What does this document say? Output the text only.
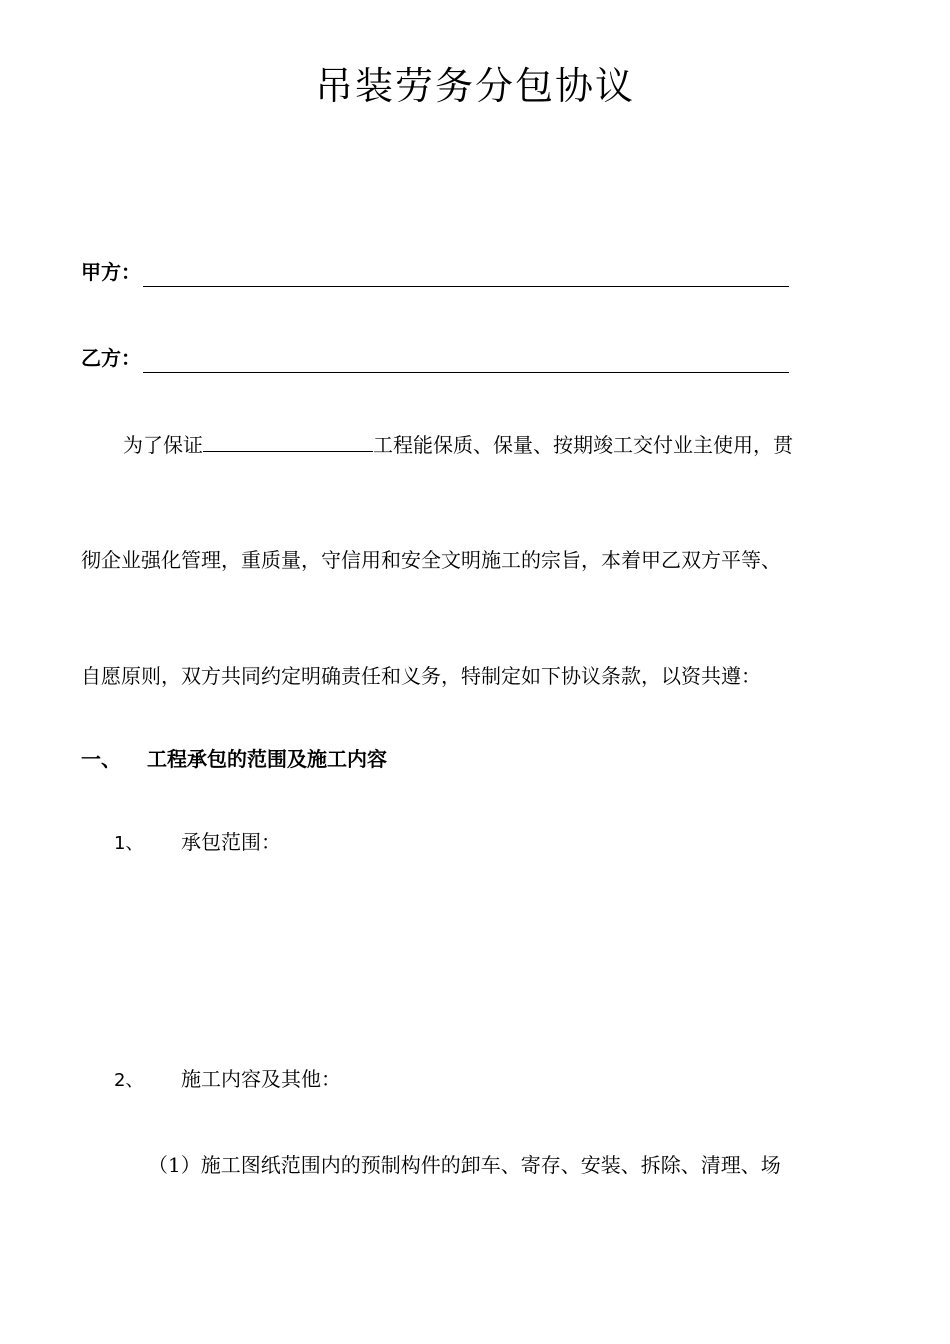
吊装劳务分包协议
甲方：
乙方：
为了保证	工程能保质、保量、按期竣工交付业主使用，贯
彻企业强化管理，重质量，守信用和安全文明施工的宗旨，本着甲乙双方平等、
自愿原则，双方共同约定明确责任和义务，特制定如下协议条款，以资共遵：
一、 工程承包的范围及施工内容
1、 承包范围：
2、 施工内容及其他：
（1）施工图纸范围内的预制构件的卸车、寄存、安装、拆除、清理、场
